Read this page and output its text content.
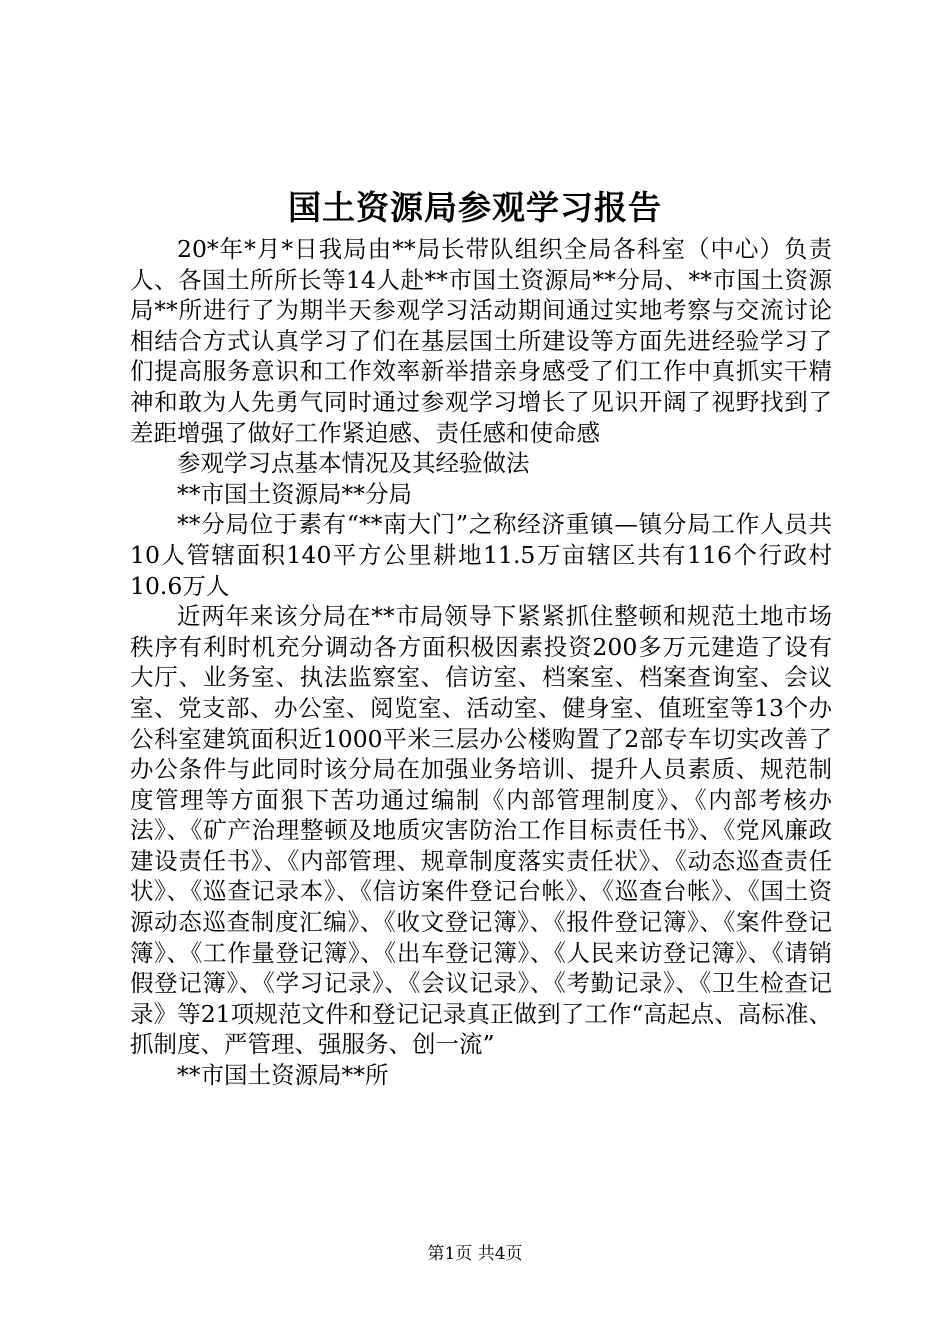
国土资源局参观学习报告

20*年*月*日我局由**局长带队组织全局各科室（中心）负责人、各国土所所长等14人赴**市国土资源局**分局、**市国土资源局**所进行了为期半天参观学习活动期间通过实地考察与交流讨论相结合方式认真学习了们在基层国土所建设等方面先进经验学习了们提高服务意识和工作效率新举措亲身感受了们工作中真抓实干精神和敢为人先勇气同时通过参观学习增长了见识开阔了视野找到了差距增强了做好工作紧迫感、责任感和使命感

参观学习点基本情况及其经验做法

**市国土资源局**分局

**分局位于素有“**南大门”之称经济重镇—镇分局工作人员共10人管辖面积140平方公里耕地11.5万亩辖区共有116个行政村10.6万人

近两年来该分局在**市局领导下紧紧抓住整顿和规范土地市场秩序有利时机充分调动各方面积极因素投资200多万元建造了设有大厅、业务室、执法监察室、信访室、档案室、档案查询室、会议室、党支部、办公室、阅览室、活动室、健身室、值班室等13个办公科室建筑面积近1000平米三层办公楼购置了2部专车切实改善了办公条件与此同时该分局在加强业务培训、提升人员素质、规范制度管理等方面狠下苦功通过编制《内部管理制度》、《内部考核办法》、《矿产治理整顿及地质灾害防治工作目标责任书》、《党风廉政建设责任书》、《内部管理、规章制度落实责任状》、《动态巡查责任状》、《巡查记录本》、《信访案件登记台帐》、《巡查台帐》、《国土资源动态巡查制度汇编》、《收文登记簿》、《报件登记簿》、《案件登记簿》、《工作量登记簿》、《出车登记簿》、《人民来访登记簿》、《请销假登记簿》、《学习记录》、《会议记录》、《考勤记录》、《卫生检查记录》等21项规范文件和登记记录真正做到了工作“高起点、高标准、抓制度、严管理、强服务、创一流”

**市国土资源局**所

第1页 共4页
